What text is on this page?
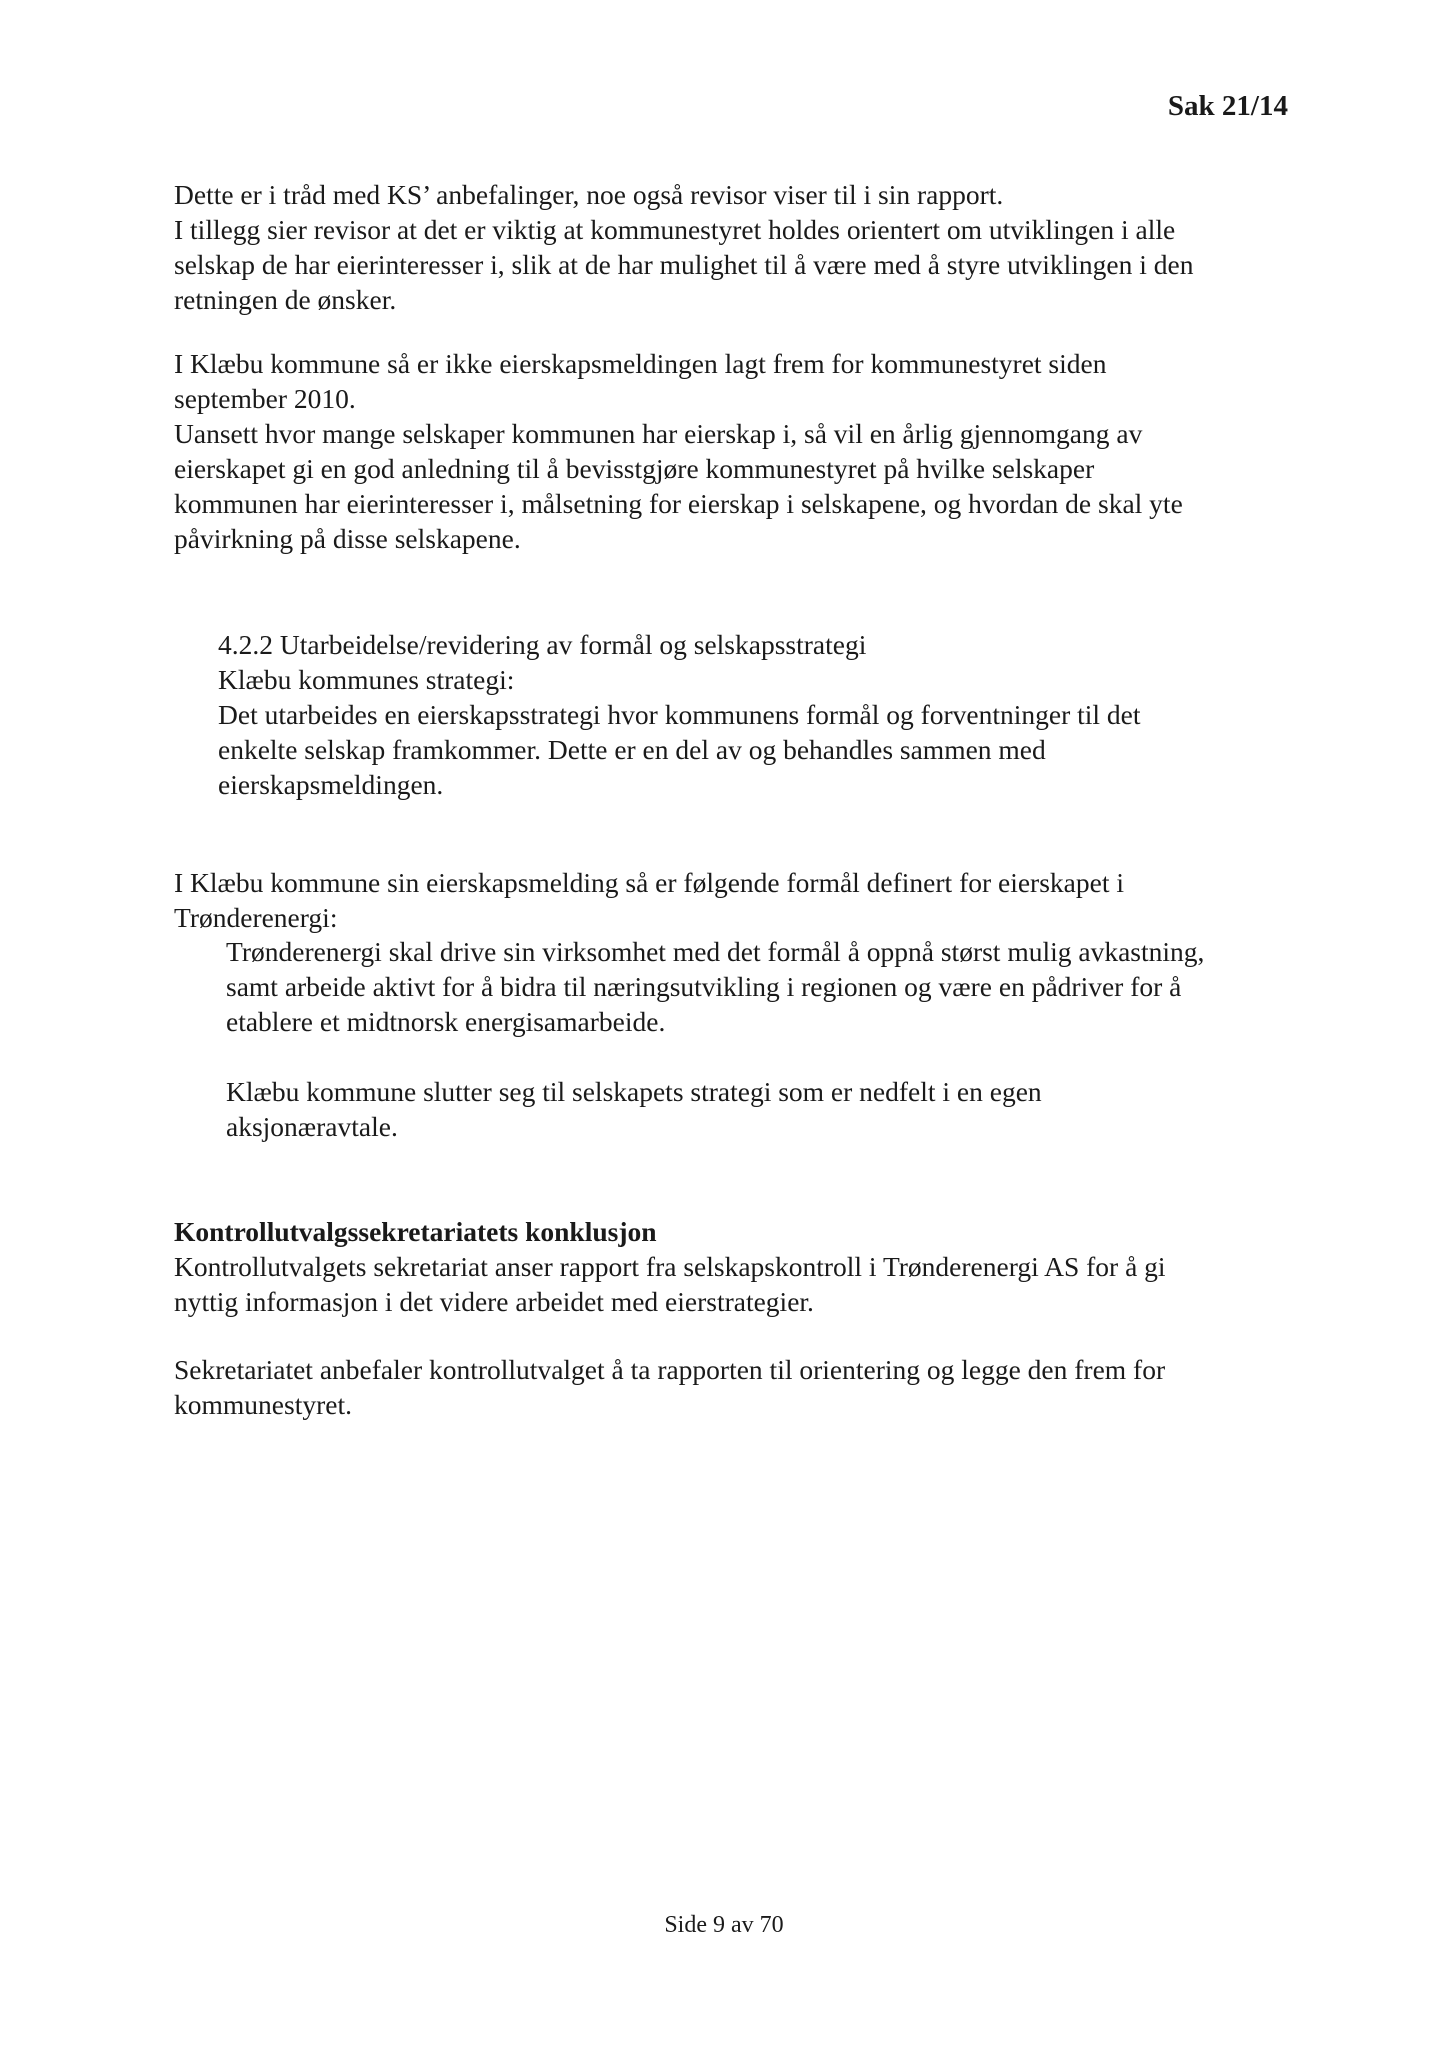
Sak 21/14

Dette er i tråd med KS’ anbefalinger, noe også revisor viser til i sin rapport.

I tillegg sier revisor at det er viktig at kommunestyret holdes orientert om utviklingen i alle

selskap de har eierinteresser i, slik at de har mulighet til å være med å styre utviklingen i den

retningen de ønsker.

I Klæbu kommune så er ikke eierskapsmeldingen lagt frem for kommunestyret siden

september 2010.

Uansett hvor mange selskaper kommunen har eierskap i, så vil en årlig gjennomgang av

eierskapet gi en god anledning til å bevisstgjøre kommunestyret på hvilke selskaper

kommunen har eierinteresser i, målsetning for eierskap i selskapene, og hvordan de skal yte

påvirkning på disse selskapene.

4.2.2 Utarbeidelse/revidering av formål og selskapsstrategi

Klæbu kommunes strategi:

Det utarbeides en eierskapsstrategi hvor kommunens formål og forventninger til det

enkelte selskap framkommer. Dette er en del av og behandles sammen med

eierskapsmeldingen.

I Klæbu kommune sin eierskapsmelding så er følgende formål definert for eierskapet i

Trønderenergi:

Trønderenergi skal drive sin virksomhet med det formål å oppnå størst mulig avkastning,

samt arbeide aktivt for å bidra til næringsutvikling i regionen og være en pådriver for å

etablere et midtnorsk energisamarbeide.

Klæbu kommune slutter seg til selskapets strategi som er nedfelt i en egen

aksjonæravtale.

Kontrollutvalgssekretariatets konklusjon

Kontrollutvalgets sekretariat anser rapport fra selskapskontroll i Trønderenergi AS for å gi

nyttig informasjon i det videre arbeidet med eierstrategier.

Sekretariatet anbefaler kontrollutvalget å ta rapporten til orientering og legge den frem for

kommunestyret.

Side 9 av 70
